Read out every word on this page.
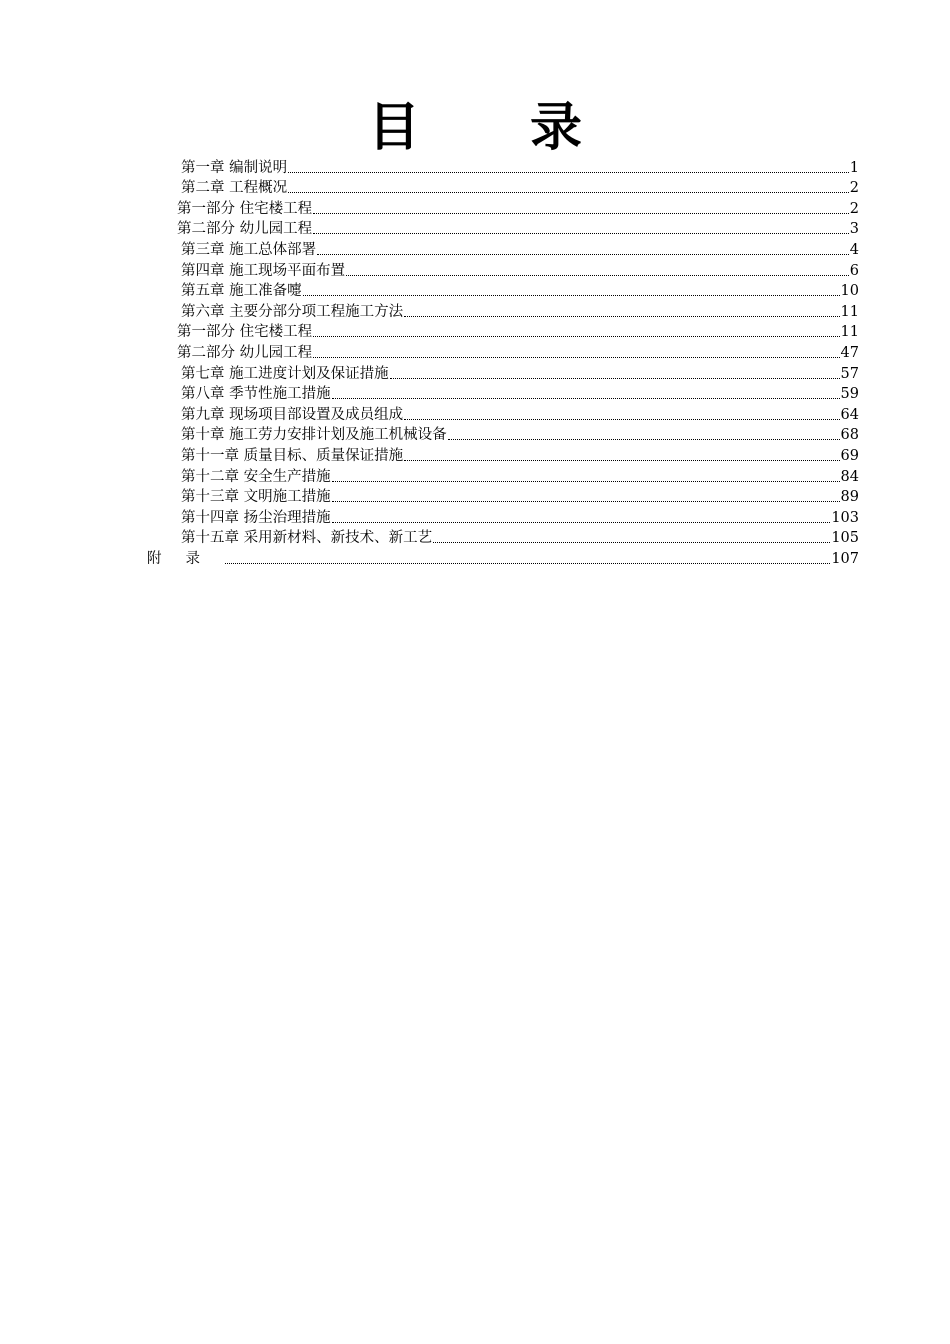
目 录
第一章 编制说明	1
第二章 工程概况	2
第一部分 住宅楼工程	2
第二部分 幼儿园工程	3
第三章 施工总体部署	4
第四章 施工现场平面布置	6
第五章 施工准备嚏	10
第六章 主要分部分项工程施工方法	11
第一部分 住宅楼工程	11
第二部分 幼儿园工程	47
第七章 施工进度计划及保证措施	57
第八章 季节性施工措施	59
第九章 现场项目部设置及成员组成	64
第十章 施工劳力安排计划及施工机械设备	68
第十一章 质量目标、质量保证措施	69
第十二章 安全生产措施	84
第十三章 文明施工措施	89
第十四章 扬尘治理措施	103
第十五章 采用新材料、新技术、新工艺	105
附录	107
